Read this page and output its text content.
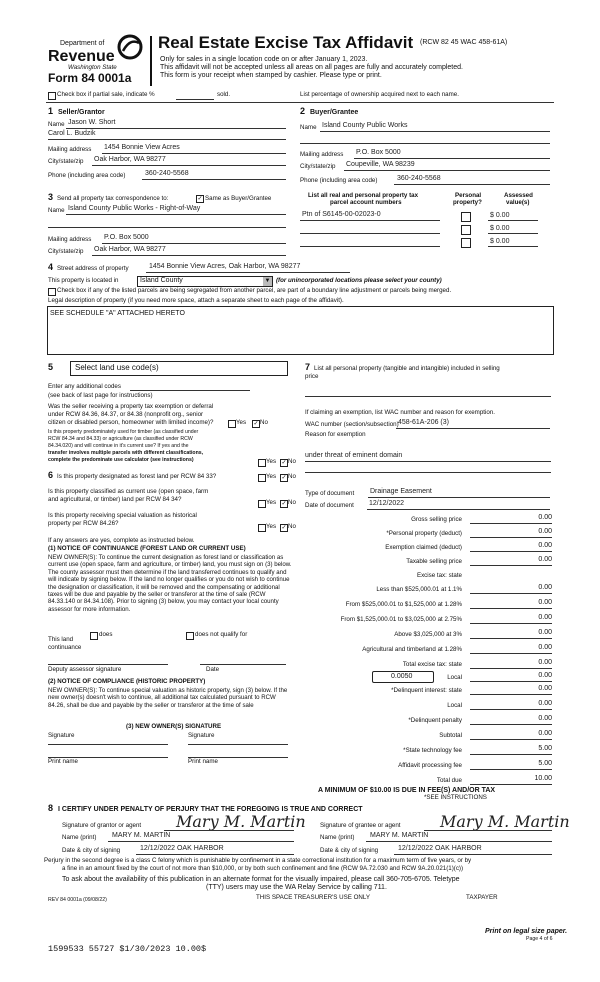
Department of
Revenue
Washington State
Form 84 0001a
Real Estate Excise Tax Affidavit (RCW 82 45 WAC 458-61A)
Only for sales in a single location code on or after January 1, 2023.
This affidavit will not be accepted unless all areas on all pages are fully and accurately completed.
This form is your receipt when stamped by cashier. Please type or print.
Check box if partial sale, indicate %	sold.	List percentage of ownership acquired next to each name.
1 Seller/Grantor
Name Jason W. Short
Carol L. Budzik
Mailing address 1454 Bonnie View Acres
City/state/zip Oak Harbor, WA 98277
Phone (including area code)	360-240-5568
2 Buyer/Grantee
Name Island County Public Works
Mailing address P.O. Box 5000
City/state/zip Coupeville, WA 98239
Phone (including area code)	360-240-5568
3 Send all property tax correspondence to:	✓ Same as Buyer/Grantee
Name Island County Public Works - Right-of-Way
Mailing address P.O. Box 5000
City/state/zip Oak Harbor, WA 98277
List all real and personal property tax
parcel account numbers
Personal
property?
Assessed
value(s)
Ptn of S6145-00-02023-0	$ 0.00
$ 0.00
$ 0.00
4 Street address of property	1454 Bonnie View Acres, Oak Harbor, WA 98277
This property is located in	Island County	▼ (for unincorporated locations please select your county)
Check box if any of the listed parcels are being segregated from another parcel, are part of a boundary line adjustment or parcels being merged.
Legal description of property (if you need more space, attach a separate sheet to each page of the affidavit).
SEE SCHEDULE "A" ATTACHED HERETO
5	Select land use code(s)
Enter any additional codes
(see back of last page for instructions)
Was the seller receiving a property tax exemption or deferral
under RCW 84.36, 84.37, or 84.38 (nonprofit org., senior
citizen or disabled person, homeowner with limited income)?	Yes ✓ No
Is this property predominately used for timber (as classified under
RCW 84.34 and 84.33) or agriculture (as classified under RCW
84.34.020) and will continue in it's current use? If yes and the
transfer involves multiple parcels with different classifications,
complete the predominate use calculator (see instructions)	Yes ✓ No
6 Is this property designated as forest land per RCW 84 33?	Yes ✓ No
Is this property classified as current use (open space, farm
and agricultural, or timber) land per RCW 84 34?	Yes ✓ No
Is this property receiving special valuation as historical
property per RCW 84.26?	Yes ✓ No
If any answers are yes, complete as instructed below.
(1) NOTICE OF CONTINUANCE (FOREST LAND OR CURRENT USE)
NEW OWNER(S): To continue the current designation as forest land or classification as current use (open space, farm and agriculture, or timber) land, you must sign on (3) below. The county assessor must then determine if the land transferred continues to qualify and will indicate by signing below. If the land no longer qualifies or you do not wish to continue the designation or classification, it will be removed and the compensating or additional taxes will be due and payable by the seller or transferor at the time of sale (RCW 84.33.140 or 84.34.108). Prior to signing (3) below, you may contact your local county assessor for more information.
This land
does	does not qualify for
continuance
Deputy assessor signature	Date
(2) NOTICE OF COMPLIANCE (HISTORIC PROPERTY)
NEW OWNER(S): To continue special valuation as historic property, sign (3) below. If the new owner(s) doesn't wish to continue, all additional tax calculated pursuant to RCW 84.26, shall be due and payable by the seller or transferor at the time of sale
(3) NEW OWNER(S) SIGNATURE
Signature	Signature
Print name	Print name
7 List all personal property (tangible and intangible) included in selling
price
If claiming an exemption, list WAC number and reason for exemption.
WAC number (section/subsection) 458-61A-206 (3)
Reason for exemption
under threat of eminent domain
Type of document Drainage Easement
Date of document 12/12/2022
Gross selling price	0.00
*Personal property (deduct)	0.00
Exemption claimed (deduct)	0.00
Taxable selling price	0.00
Excise tax: state
Less than $525,000.01 at 1.1%	0.00
From $525,000.01 to $1,525,000 at 1.28%	0.00
From $1,525,000.01 to $3,025,000 at 2.75%	0.00
Above $3,025,000 at 3%	0.00
Agricultural and timberland at 1.28%	0.00
Total excise tax: state	0.00
0.0050	Local	0.00
*Delinquent interest: state	0.00
Local	0.00
*Delinquent penalty	0.00
Subtotal	0.00
*State technology fee	5.00
Affidavit processing fee	5.00
Total due	10.00
A MINIMUM OF $10.00 IS DUE IN FEE(S) AND/OR TAX
*SEE INSTRUCTIONS
8 I CERTIFY UNDER PENALTY OF PERJURY THAT THE FOREGOING IS TRUE AND CORRECT
Signature of grantor or agent Mary M. Martin
Name (print) MARY M. MARTIN
Date & city of signing	12/12/2022 OAK HARBOR
Signature of grantee or agent Mary M. Martin
Name (print) MARY M. MARTIN
Date & city of signing	12/12/2022 OAK HARBOR
Perjury in the second degree is a class C felony which is punishable by confinement in a state correctional institution for a maximum term of five years, or by
a fine in an amount fixed by the court of not more than $10,000, or by both such confinement and fine (RCW 9A.72.030 and RCW 9A.20.021(1)(c))
To ask about the availability of this publication in an alternate format for the visually impaired, please call 360-705-6705. Teletype
(TTY) users may use the WA Relay Service by calling 711.
REV 84 0001a (09/08/22)	THIS SPACE TREASURER'S USE ONLY	TAXPAYER
Print on legal size paper.
Page 4 of 6
1599533 55727 $1/30/2023 10.00$
